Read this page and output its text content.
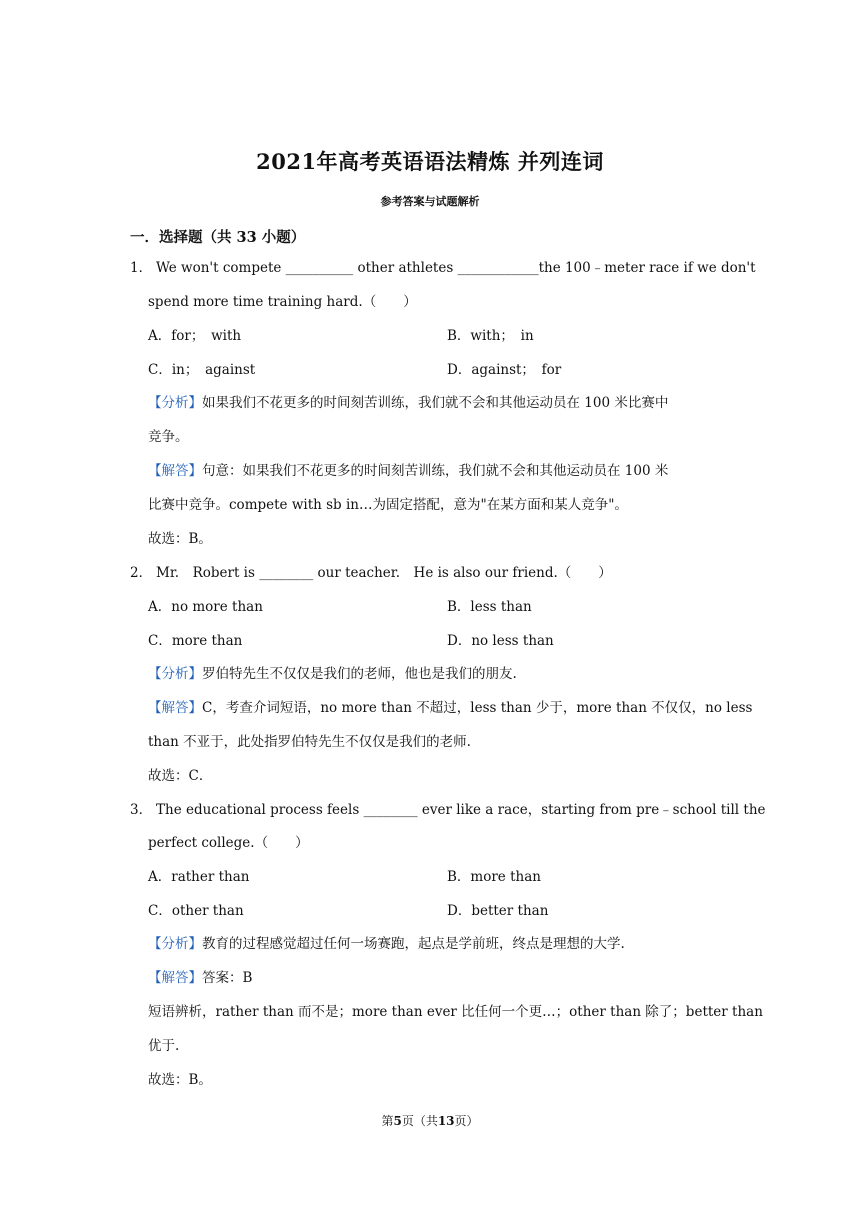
2021年高考英语语法精炼 并列连词
参考答案与试题解析
一．选择题（共 33 小题）
1． We won't compete __________ other athletes ____________the 100﹣meter race if we don't
spend more time training hard.（　　）
A．for；　with	B．with；　in
C．in；　against	D．against；　for
【分析】如果我们不花更多的时间刻苦训练，我们就不会和其他运动员在 100 米比赛中
竞争。
【解答】句意：如果我们不花更多的时间刻苦训练，我们就不会和其他运动员在 100 米
比赛中竞争。compete with sb in…为固定搭配，意为"在某方面和某人竞争"。
故选：B。
2． Mr.　Robert is ________ our teacher.　He is also our friend.（　　）
A．no more than	B．less than
C．more than	D．no less than
【分析】罗伯特先生不仅仅是我们的老师，他也是我们的朋友.
【解答】C，考查介词短语，no more than 不超过，less than 少于，more than 不仅仅，no less
than 不亚于，此处指罗伯特先生不仅仅是我们的老师.
故选：C．
3． The educational process feels ________ ever like a race，starting from pre﹣school till the
perfect college.（　　）
A．rather than	B．more than
C．other than	D．better than
【分析】教育的过程感觉超过任何一场赛跑，起点是学前班，终点是理想的大学.
【解答】答案：B
短语辨析，rather than 而不是；more than ever 比任何一个更…；other than 除了；better than
优于.
故选：B。
第5页（共13页）
